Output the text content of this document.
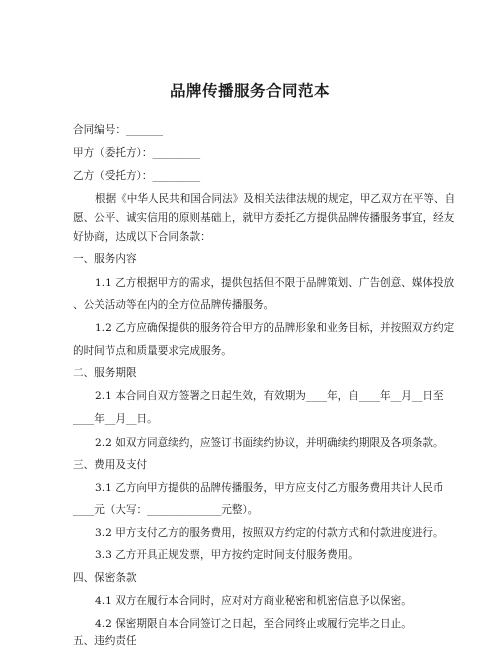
品牌传播服务合同范本
合同编号：_______
甲方（委托方）：_________
乙方（受托方）：_________
根据《中华人民共和国合同法》及相关法律法规的规定，甲乙双方在平等、自
愿、公平、诚实信用的原则基础上，就甲方委托乙方提供品牌传播服务事宜，经友
好协商，达成以下合同条款：
一、服务内容
1.1 乙方根据甲方的需求，提供包括但不限于品牌策划、广告创意、媒体投放
、公关活动等在内的全方位品牌传播服务。
1.2 乙方应确保提供的服务符合甲方的品牌形象和业务目标，并按照双方约定
的时间节点和质量要求完成服务。
二、服务期限
2.1 本合同自双方签署之日起生效，有效期为____年，自____年__月__日至
____年__月__日。
2.2 如双方同意续约，应签订书面续约协议，并明确续约期限及各项条款。
三、费用及支付
3.1 乙方向甲方提供的品牌传播服务，甲方应支付乙方服务费用共计人民币
____元（大写：______________元整）。
3.2 甲方支付乙方的服务费用，按照双方约定的付款方式和付款进度进行。
3.3 乙方开具正规发票，甲方按约定时间支付服务费用。
四、保密条款
4.1 双方在履行本合同时，应对对方商业秘密和机密信息予以保密。
4.2 保密期限自本合同签订之日起，至合同终止或履行完毕之日止。
五、违约责任
